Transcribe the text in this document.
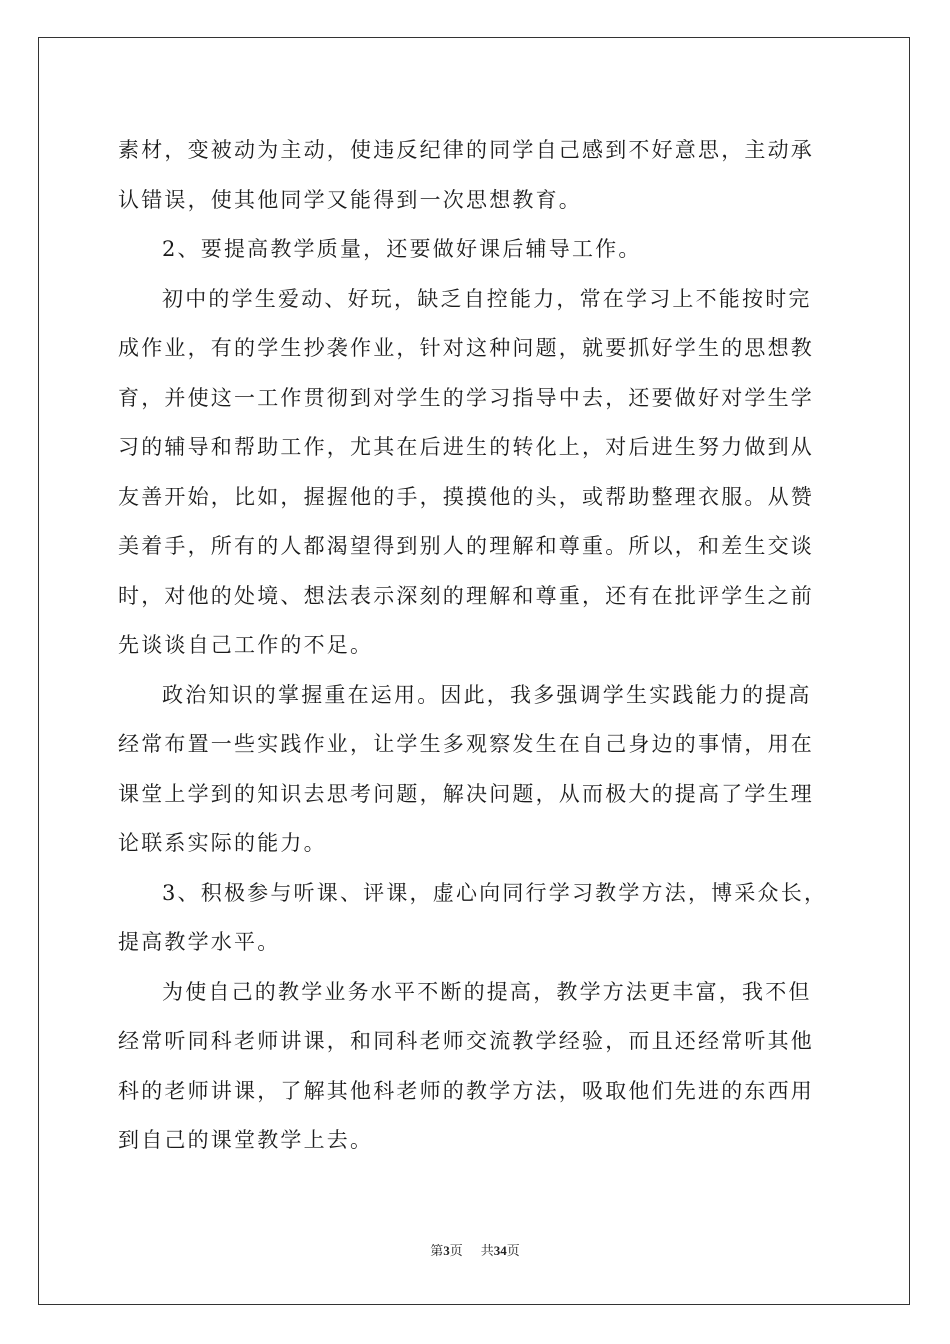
素材，变被动为主动，使违反纪律的同学自己感到不好意思，主动承
认错误，使其他同学又能得到一次思想教育。
2、要提高教学质量，还要做好课后辅导工作。
初中的学生爱动、好玩，缺乏自控能力，常在学习上不能按时完
成作业，有的学生抄袭作业，针对这种问题，就要抓好学生的思想教
育，并使这一工作贯彻到对学生的学习指导中去，还要做好对学生学
习的辅导和帮助工作，尤其在后进生的转化上，对后进生努力做到从
友善开始，比如，握握他的手，摸摸他的头，或帮助整理衣服。从赞
美着手，所有的人都渴望得到别人的理解和尊重。所以，和差生交谈
时，对他的处境、想法表示深刻的理解和尊重，还有在批评学生之前
先谈谈自己工作的不足。
政治知识的掌握重在运用。因此，我多强调学生实践能力的提高
经常布置一些实践作业，让学生多观察发生在自己身边的事情，用在
课堂上学到的知识去思考问题，解决问题，从而极大的提高了学生理
论联系实际的能力。
3、积极参与听课、评课，虚心向同行学习教学方法，博采众长，
提高教学水平。
为使自己的教学业务水平不断的提高，教学方法更丰富，我不但
经常听同科老师讲课，和同科老师交流教学经验，而且还经常听其他
科的老师讲课，了解其他科老师的教学方法，吸取他们先进的东西用
到自己的课堂教学上去。
第3页 共34页
